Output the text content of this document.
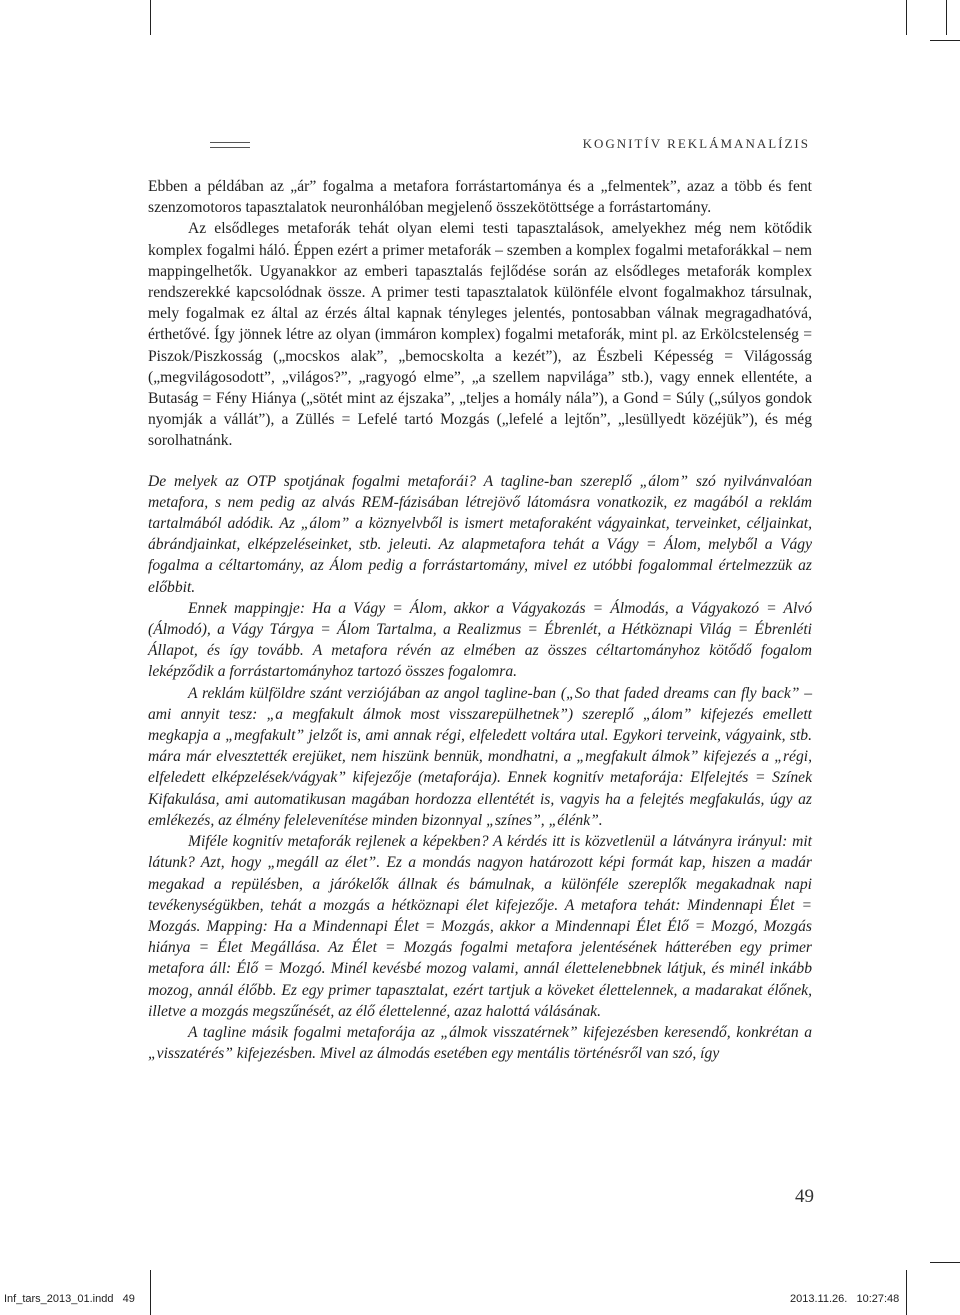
KOGNITÍV REKLÁMANALÍZIS

Ebben a példában az „ár” fogalma a metafora forrástartománya és a „felmentek”, azaz a több és fent szenzomotoros tapasztalatok neuronhálóban megjelenő összekötöttsége a forrástartomány.

Az elsődleges metaforák tehát olyan elemi testi tapasztalások, amelyekhez még nem kötődik komplex fogalmi háló. Éppen ezért a primer metaforák – szemben a komplex fogalmi metaforákkal – nem mappingelhetők. Ugyanakkor az emberi tapasztalás fejlődése során az elsődleges metaforák komplex rendszerekké kapcsolódnak össze. A primer testi tapasztalatok különféle elvont fogalmakhoz társulnak, mely fogalmak ez által az érzés által kapnak tényleges jelentés, pontosabban válnak megragadhatóvá, érthetővé. Így jönnek létre az olyan (immáron komplex) fogalmi metaforák, mint pl. az Erkölcstelenség = Piszok/Piszkosság („mocskos alak”, „bemocskolta a kezét”), az Észbeli Képesség = Világosság („megvilágosodott”, „világos?”, „ragyogó elme”, „a szellem napvilága” stb.), vagy ennek ellentéte, a Butaság = Fény Hiánya („sötét mint az éjszaka”, „teljes a homály nála”), a Gond = Súly („súlyos gondok nyomják a vállát”), a Züllés = Lefelé tartó Mozgás („lefelé a lejtőn”, „lesüllyedt közéjük”), és még sorolhatnánk.

De melyek az OTP spotjának fogalmi metaforái? A tagline-ban szereplő „álom” szó nyilvánvalóan metafora, s nem pedig az alvás REM-fázisában létrejövő látomásra vonatkozik, ez magából a reklám tartalmából adódik. Az „álom” a köznyelvből is ismert metaforaként vágyainkat, terveinket, céljainkat, ábrándjainkat, elképzeléseinket, stb. jeleuti. Az alapmetafora tehát a Vágy = Álom, melyből a Vágy fogalma a céltartomány, az Álom pedig a forrástartomány, mivel ez utóbbi fogalommal értelmezzük az előbbit.

Ennek mappingje: Ha a Vágy = Álom, akkor a Vágyakozás = Álmodás, a Vágyakozó = Alvó (Álmodó), a Vágy Tárgya = Álom Tartalma, a Realizmus = Ébrenlét, a Hétköznapi Világ = Ébrenléti Állapot, és így tovább. A metafora révén az elmében az összes céltartományhoz kötődő fogalom leképződik a forrástartományhoz tartozó összes fogalomra.

A reklám külföldre szánt verziójában az angol tagline-ban („So that faded dreams can fly back” – ami annyit tesz: „a megfakult álmok most visszarepülhetnek”) szereplő „álom” kifejezés emellett megkapja a „megfakult” jelzőt is, ami annak régi, elfeledett voltára utal. Egykori terveink, vágyaink, stb. mára már elvesztették erejüket, nem hiszünk bennük, mondhatni, a „megfakult álmok” kifejezés a „régi, elfeledett elképzelések/vágyak” kifejezője (metaforája). Ennek kognitív metaforája: Elfelejtés = Színek Kifakulása, ami automatikusan magában hordozza ellentétét is, vagyis ha a felejtés megfakulás, úgy az emlékezés, az élmény felelevenítése minden bizonnyal „színes”, „élénk”.

Miféle kognitív metaforák rejlenek a képekben? A kérdés itt is közvetlenül a látványra irányul: mit látunk? Azt, hogy „megáll az élet”. Ez a mondás nagyon határozott képi formát kap, hiszen a madár megakad a repülésben, a járókelők állnak és bámulnak, a különféle szereplők megakadnak napi tevékenységükben, tehát a mozgás a hétköznapi élet kifejezője. A metafora tehát: Mindennapi Élet = Mozgás. Mapping: Ha a Mindennapi Élet = Mozgás, akkor a Mindennapi Élet Élő = Mozgó, Mozgás hiánya = Élet Megállása. Az Élet = Mozgás fogalmi metafora jelentésének hátterében egy primer metafora áll: Élő = Mozgó. Minél kevésbé mozog valami, annál élettelenebbnek látjuk, és minél inkább mozog, annál élőbb. Ez egy primer tapasztalat, ezért tartjuk a köveket élettelennek, a madarakat élőnek, illetve a mozgás megszűnését, az élő élettelenné, azaz halottá válásának.

A tagline másik fogalmi metaforája az „álmok visszatérnek” kifejezésben keresendő, konkrétan a „visszatérés” kifejezésben. Mivel az álmodás esetében egy mentális történésről van szó, így

49
Inf_tars_2013_01.indd   49	2013.11.26.   10:27:48
